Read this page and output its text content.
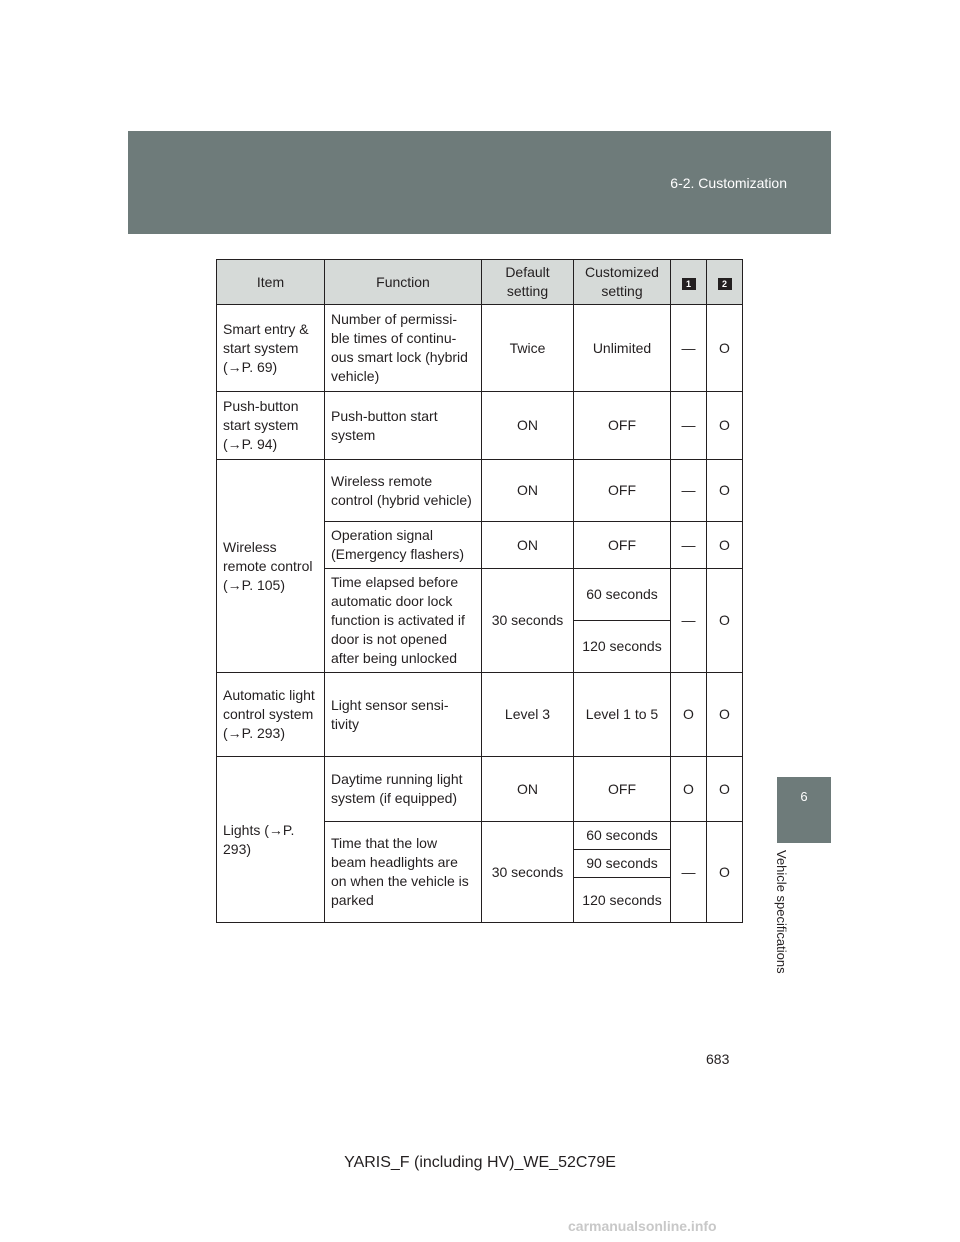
6-2. Customization
6
Vehicle specifications
Item	Function	Default setting	Customized setting	1	2
Smart entry & start system (→P. 69)	Number of permissi-ble times of continu-ous smart lock (hybrid vehicle)	Twice	Unlimited	—	O
Push-button start system (→P. 94)	Push-button start system	ON	OFF	—	O
Wireless remote control (→P. 105)	Wireless remote control (hybrid vehicle)	ON	OFF	—	O
	Operation signal (Emergency flashers)	ON	OFF	—	O
	Time elapsed before automatic door lock function is activated if door is not opened after being unlocked	30 seconds	60 seconds	—	O
			120 seconds		
Automatic light control system (→P. 293)	Light sensor sensi-tivity	Level 3	Level 1 to 5	O	O
Lights (→P. 293)	Daytime running light system (if equipped)	ON	OFF	O	O
	Time that the low beam headlights are on when the vehicle is parked	30 seconds	60 seconds	—	O
			90 seconds		
			120 seconds		
683
YARIS_F (including HV)_WE_52C79E
carmanualsonline.info
